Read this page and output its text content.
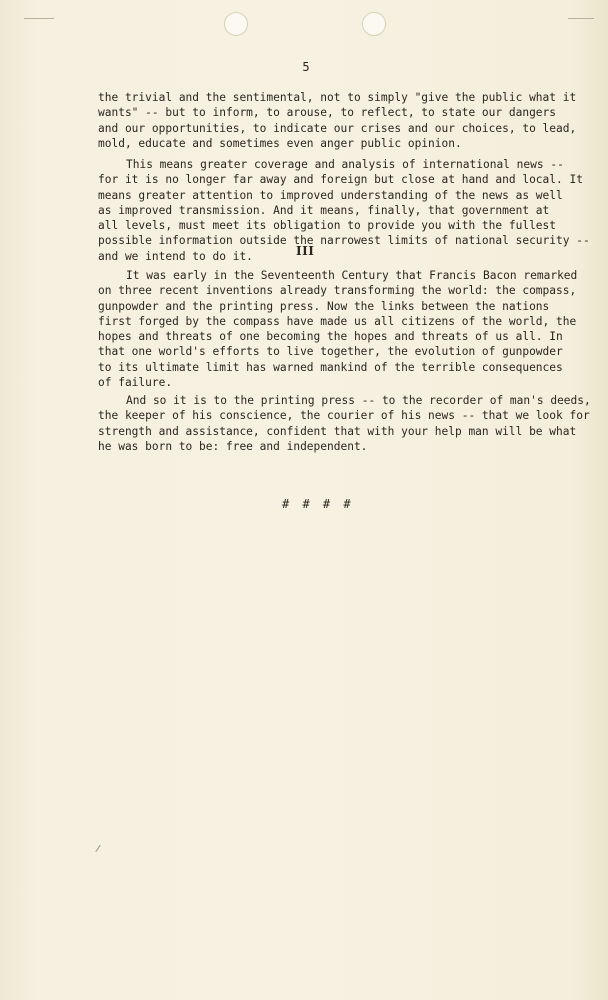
5

the trivial and the sentimental, not to simply "give the public what it
wants" -- but to inform, to arouse, to reflect, to state our dangers
and our opportunities, to indicate our crises and our choices, to lead,
mold, educate and sometimes even anger public opinion.

This means greater coverage and analysis of international news --
for it is no longer far away and foreign but close at hand and local. It
means greater attention to improved understanding of the news as well
as improved transmission. And it means, finally, that government at
all levels, must meet its obligation to provide you with the fullest
possible information outside the narrowest limits of national security --
and we intend to do it.	III

It was early in the Seventeenth Century that Francis Bacon remarked
on three recent inventions already transforming the world: the compass,
gunpowder and the printing press. Now the links between the nations
first forged by the compass have made us all citizens of the world, the
hopes and threats of one becoming the hopes and threats of us all. In
that one world's efforts to live together, the evolution of gunpowder
to its ultimate limit has warned mankind of the terrible consequences
of failure.

And so it is to the printing press -- to the recorder of man's deeds,
the keeper of his conscience, the courier of his news -- that we look for
strength and assistance, confident that with your help man will be what
he was born to be: free and independent.

# # # #
